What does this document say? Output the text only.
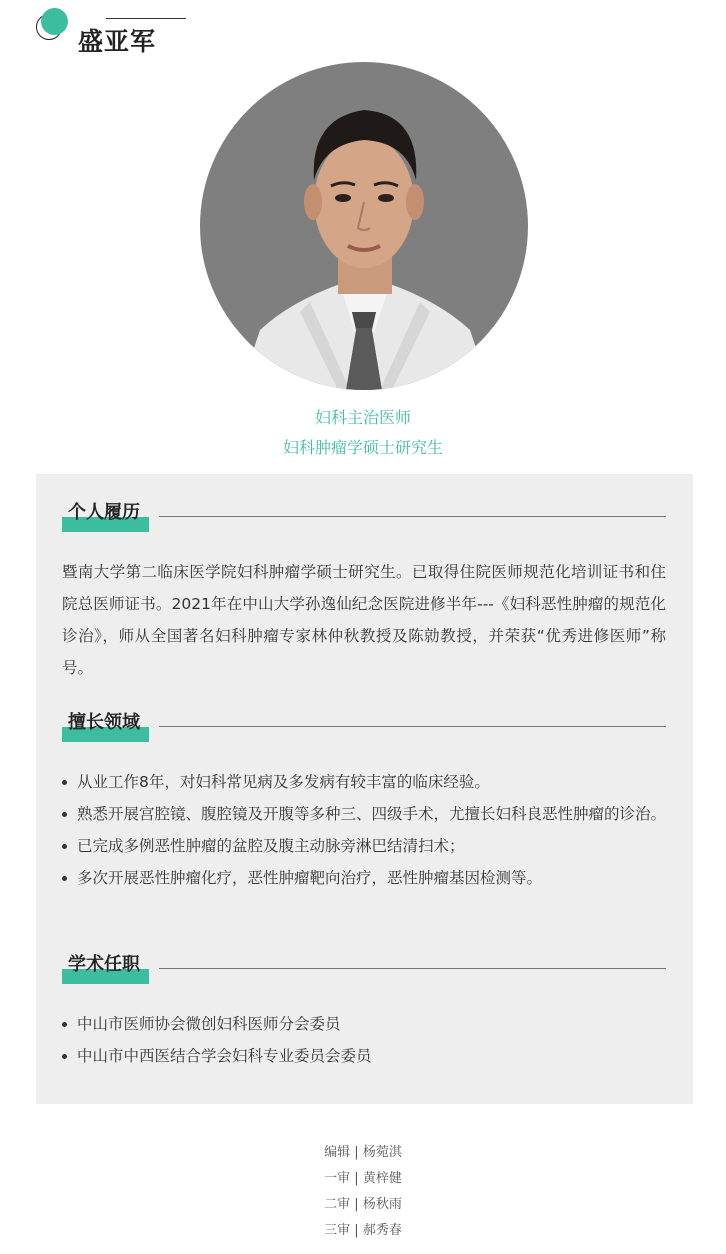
盛亚军
妇科主治医师
妇科肿瘤学硕士研究生
个人履历

暨南大学第二临床医学院妇科肿瘤学硕士研究生。已取得住院医师规范化培训证书和住院总医师证书。2021年在中山大学孙逸仙纪念医院进修半年---《妇科恶性肿瘤的规范化诊治》，师从全国著名妇科肿瘤专家林仲秋教授及陈勍教授，并荣获“优秀进修医师”称号。

擅长领域
从业工作8年，对妇科常见病及多发病有较丰富的临床经验。
熟悉开展宫腔镜、腹腔镜及开腹等多种三、四级手术，尤擅长妇科良恶性肿瘤的诊治。
已完成多例恶性肿瘤的盆腔及腹主动脉旁淋巴结清扫术；
多次开展恶性肿瘤化疗，恶性肿瘤靶向治疗，恶性肿瘤基因检测等。
学术任职
中山市医师协会微创妇科医师分会委员
中山市中西医结合学会妇科专业委员会委员
编辑 | 杨菀淇
一审 | 黄梓健
二审 | 杨秋雨
三审 | 郝秀春
